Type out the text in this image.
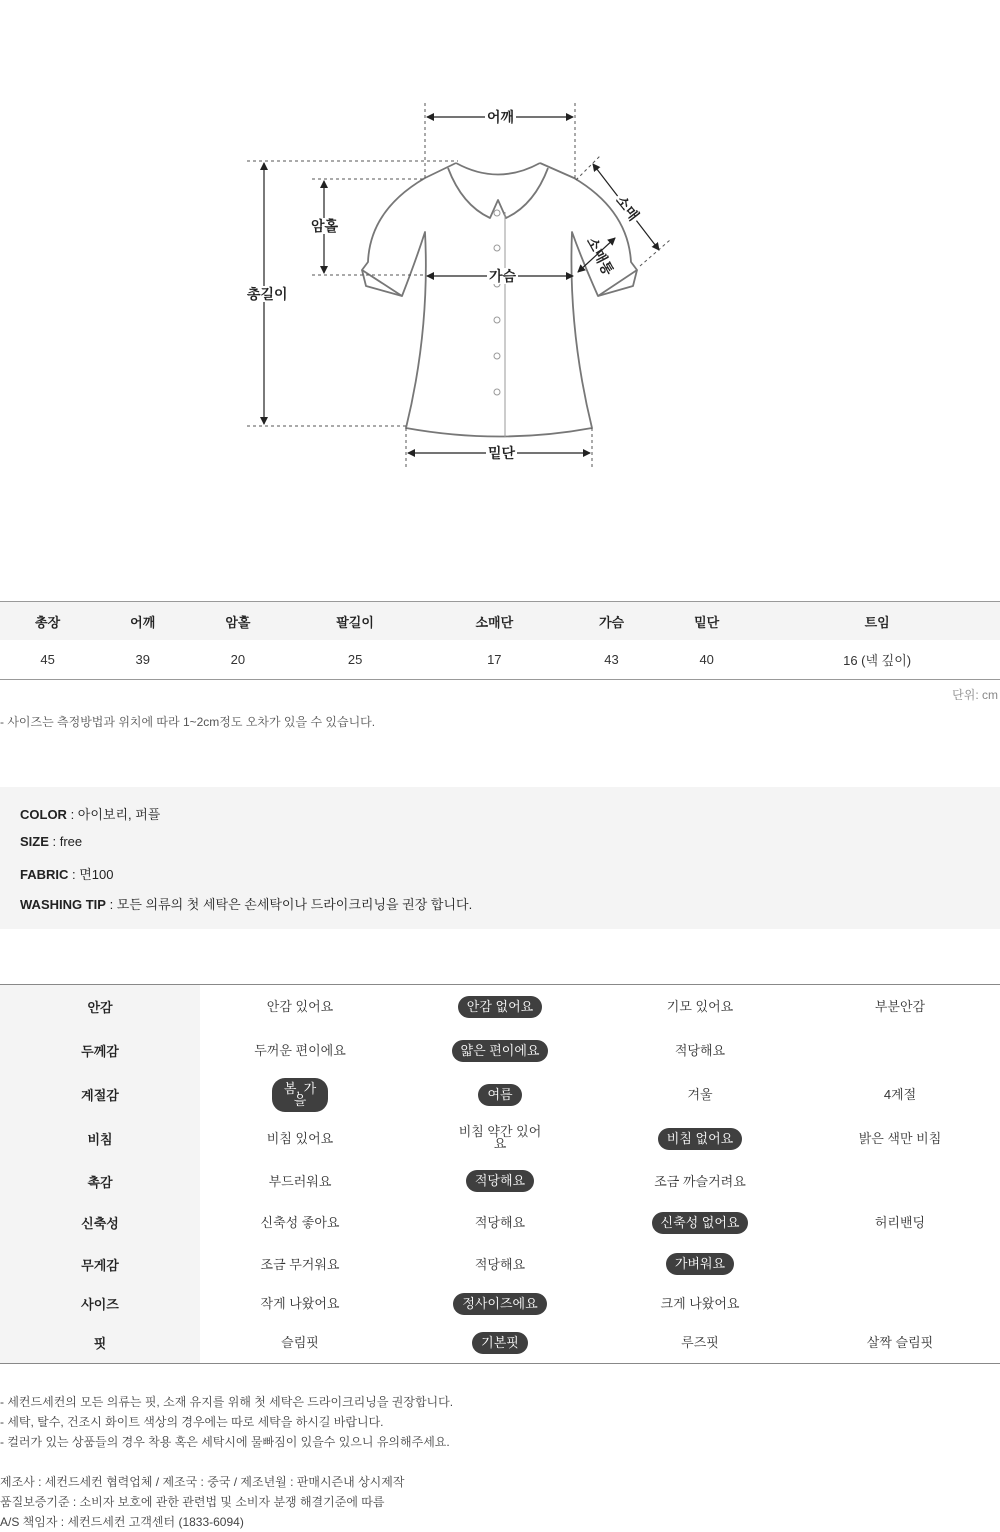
어깨
암홀
총길이
가슴
밑단
소매
소매통
총장	어깨	암홀	팔길이	소매단	가슴	밑단	트임
45	39	20	25	17	43	40	16 (넥 깊이)
단위: cm
- 사이즈는 측정방법과 위치에 따라 1~2cm정도 오차가 있을 수 있습니다.
COLOR : 아이보리, 퍼플
SIZE : free
FABRIC : 면100
WASHING TIP : 모든 의류의 첫 세탁은 손세탁이나 드라이크리닝을 권장 합니다.
안감	안감 있어요	안감 없어요	기모 있어요	부분안감
두께감	두꺼운 편이에요	얇은 편이에요	적당해요	
계절감	봄, 가을	여름	겨울	4계절
비침	비침 있어요	비침 약간 있어요	비침 없어요	밝은 색만 비침
촉감	부드러워요	적당해요	조금 까슬거려요	
신축성	신축성 좋아요	적당해요	신축성 없어요	허리밴딩
무게감	조금 무거워요	적당해요	가벼워요	
사이즈	작게 나왔어요	정사이즈에요	크게 나왔어요	
핏	슬림핏	기본핏	루즈핏	살짝 슬림핏
- 세컨드세컨의 모든 의류는 핏, 소재 유지를 위해 첫 세탁은 드라이크리닝을 권장합니다.
- 세탁, 탈수, 건조시 화이트 색상의 경우에는 따로 세탁을 하시길 바랍니다.
- 컬러가 있는 상품들의 경우 착용 혹은 세탁시에 물빠짐이 있을수 있으니 유의해주세요.
제조사 : 세컨드세컨 협력업체 / 제조국 : 중국 / 제조년월 : 판매시즌내 상시제작
품질보증기준 : 소비자 보호에 관한 관련법 및 소비자 분쟁 해결기준에 따름
A/S 책임자 : 세컨드세컨 고객센터 (1833-6094)
